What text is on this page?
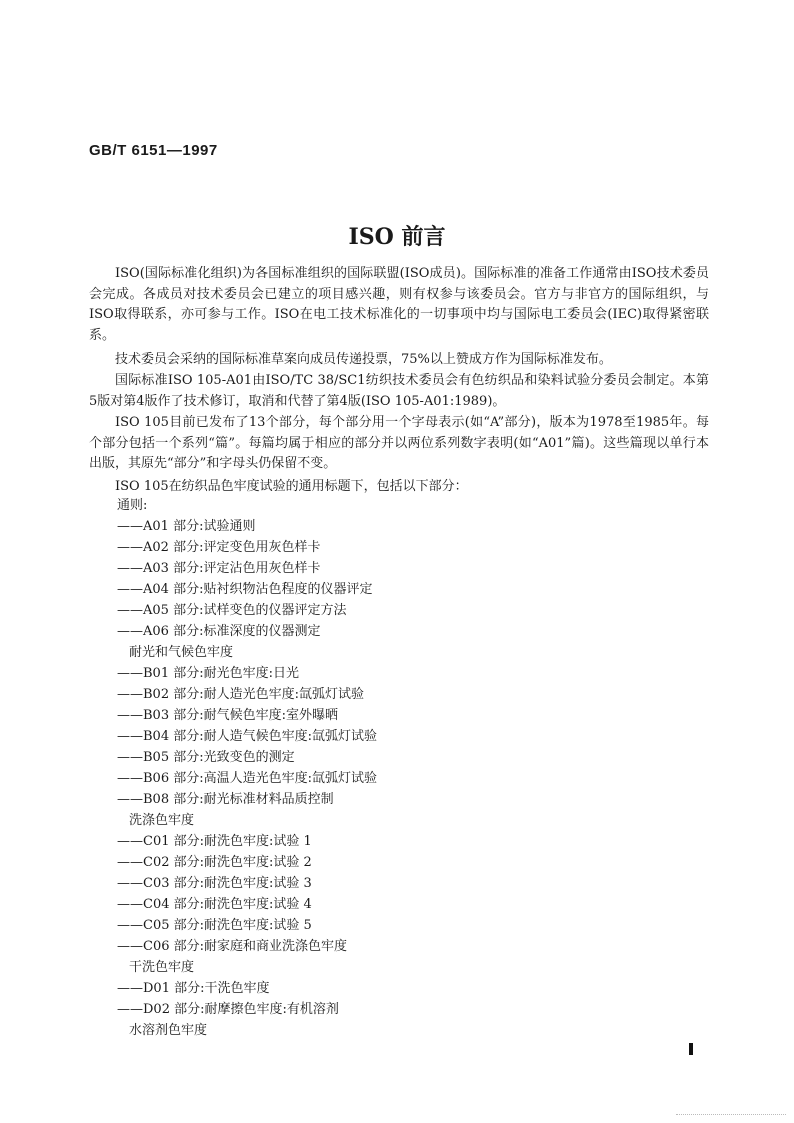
GB/T 6151—1997
ISO 前言

ISO(国际标准化组织)为各国标准组织的国际联盟(ISO成员)。国际标准的准备工作通常由ISO技术委员会完成。各成员对技术委员会已建立的项目感兴趣，则有权参与该委员会。官方与非官方的国际组织，与ISO取得联系，亦可参与工作。ISO在电工技术标准化的一切事项中均与国际电工委员会(IEC)取得紧密联系。

技术委员会采纳的国际标准草案向成员传递投票，75%以上赞成方作为国际标准发布。

国际标准ISO 105-A01由ISO/TC 38/SC1纺织技术委员会有色纺织品和染料试验分委员会制定。本第5版对第4版作了技术修订，取消和代替了第4版(ISO 105-A01:1989)。

ISO 105目前已发布了13个部分，每个部分用一个字母表示(如“A”部分)，版本为1978至1985年。每个部分包括一个系列“篇”。每篇均属于相应的部分并以两位系列数字表明(如“A01”篇)。这些篇现以单行本出版，其原先“部分”和字母头仍保留不变。

ISO 105在纺织品色牢度试验的通用标题下，包括以下部分：

通则:

——A01 部分:试验通则

——A02 部分:评定变色用灰色样卡

——A03 部分:评定沾色用灰色样卡

——A04 部分:贴衬织物沾色程度的仪器评定

——A05 部分:试样变色的仪器评定方法

——A06 部分:标准深度的仪器测定

耐光和气候色牢度

——B01 部分:耐光色牢度:日光

——B02 部分:耐人造光色牢度:氙弧灯试验

——B03 部分:耐气候色牢度:室外曝晒

——B04 部分:耐人造气候色牢度:氙弧灯试验

——B05 部分:光致变色的测定

——B06 部分:高温人造光色牢度:氙弧灯试验

——B08 部分:耐光标准材料品质控制

洗涤色牢度

——C01 部分:耐洗色牢度:试验 1

——C02 部分:耐洗色牢度:试验 2

——C03 部分:耐洗色牢度:试验 3

——C04 部分:耐洗色牢度:试验 4

——C05 部分:耐洗色牢度:试验 5

——C06 部分:耐家庭和商业洗涤色牢度

干洗色牢度

——D01 部分:干洗色牢度

——D02 部分:耐摩擦色牢度:有机溶剂

水溶剂色牢度
